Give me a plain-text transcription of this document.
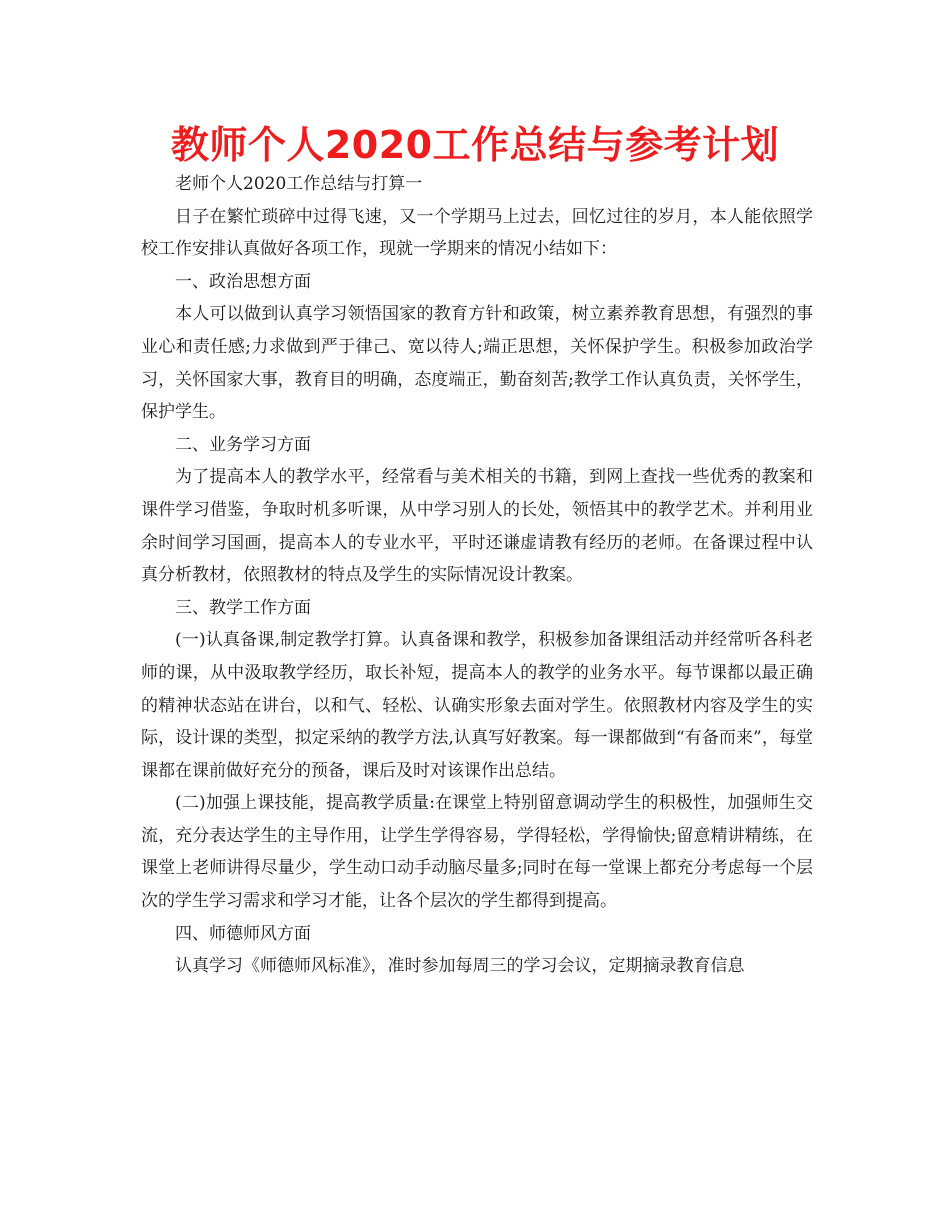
教师个人2020工作总结与参考计划

老师个人2020工作总结与打算一

日子在繁忙琐碎中过得飞速，又一个学期马上过去，回忆过往的岁月，本人能依照学校工作安排认真做好各项工作，现就一学期来的情况小结如下：

一、政治思想方面

本人可以做到认真学习领悟国家的教育方针和政策，树立素养教育思想，有强烈的事业心和责任感;力求做到严于律己、宽以待人;端正思想，关怀保护学生。积极参加政治学习，关怀国家大事，教育目的明确，态度端正，勤奋刻苦;教学工作认真负责，关怀学生，保护学生。

二、业务学习方面

为了提高本人的教学水平，经常看与美术相关的书籍，到网上查找一些优秀的教案和课件学习借鉴，争取时机多听课，从中学习别人的长处，领悟其中的教学艺术。并利用业余时间学习国画，提高本人的专业水平，平时还谦虚请教有经历的老师。在备课过程中认真分析教材，依照教材的特点及学生的实际情况设计教案。

三、教学工作方面

(一)认真备课,制定教学打算。认真备课和教学，积极参加备课组活动并经常听各科老师的课，从中汲取教学经历，取长补短，提高本人的教学的业务水平。每节课都以最正确的精神状态站在讲台，以和气、轻松、认确实形象去面对学生。依照教材内容及学生的实际，设计课的类型，拟定采纳的教学方法,认真写好教案。每一课都做到“有备而来”，每堂课都在课前做好充分的预备，课后及时对该课作出总结。

(二)加强上课技能，提高教学质量:在课堂上特别留意调动学生的积极性，加强师生交流，充分表达学生的主导作用，让学生学得容易，学得轻松，学得愉快;留意精讲精练，在课堂上老师讲得尽量少，学生动口动手动脑尽量多;同时在每一堂课上都充分考虑每一个层次的学生学习需求和学习才能，让各个层次的学生都得到提高。

四、师德师风方面

认真学习《师德师风标准》，准时参加每周三的学习会议，定期摘录教育信息
